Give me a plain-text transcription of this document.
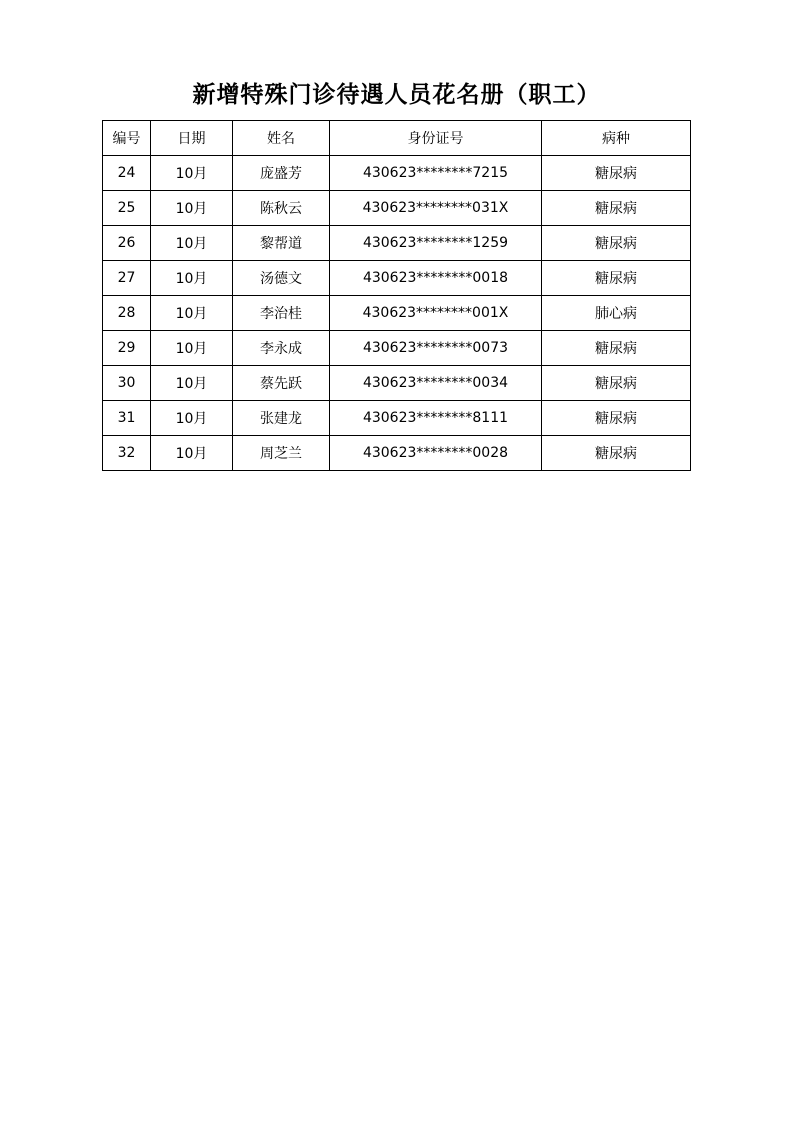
新增特殊门诊待遇人员花名册（职工）
编号	日期	姓名	身份证号	病种
24	10月	庞盛芳	430623********7215	糖尿病
25	10月	陈秋云	430623********031X	糖尿病
26	10月	黎帮道	430623********1259	糖尿病
27	10月	汤德文	430623********0018	糖尿病
28	10月	李治桂	430623********001X	肺心病
29	10月	李永成	430623********0073	糖尿病
30	10月	蔡先跃	430623********0034	糖尿病
31	10月	张建龙	430623********8111	糖尿病
32	10月	周芝兰	430623********0028	糖尿病
